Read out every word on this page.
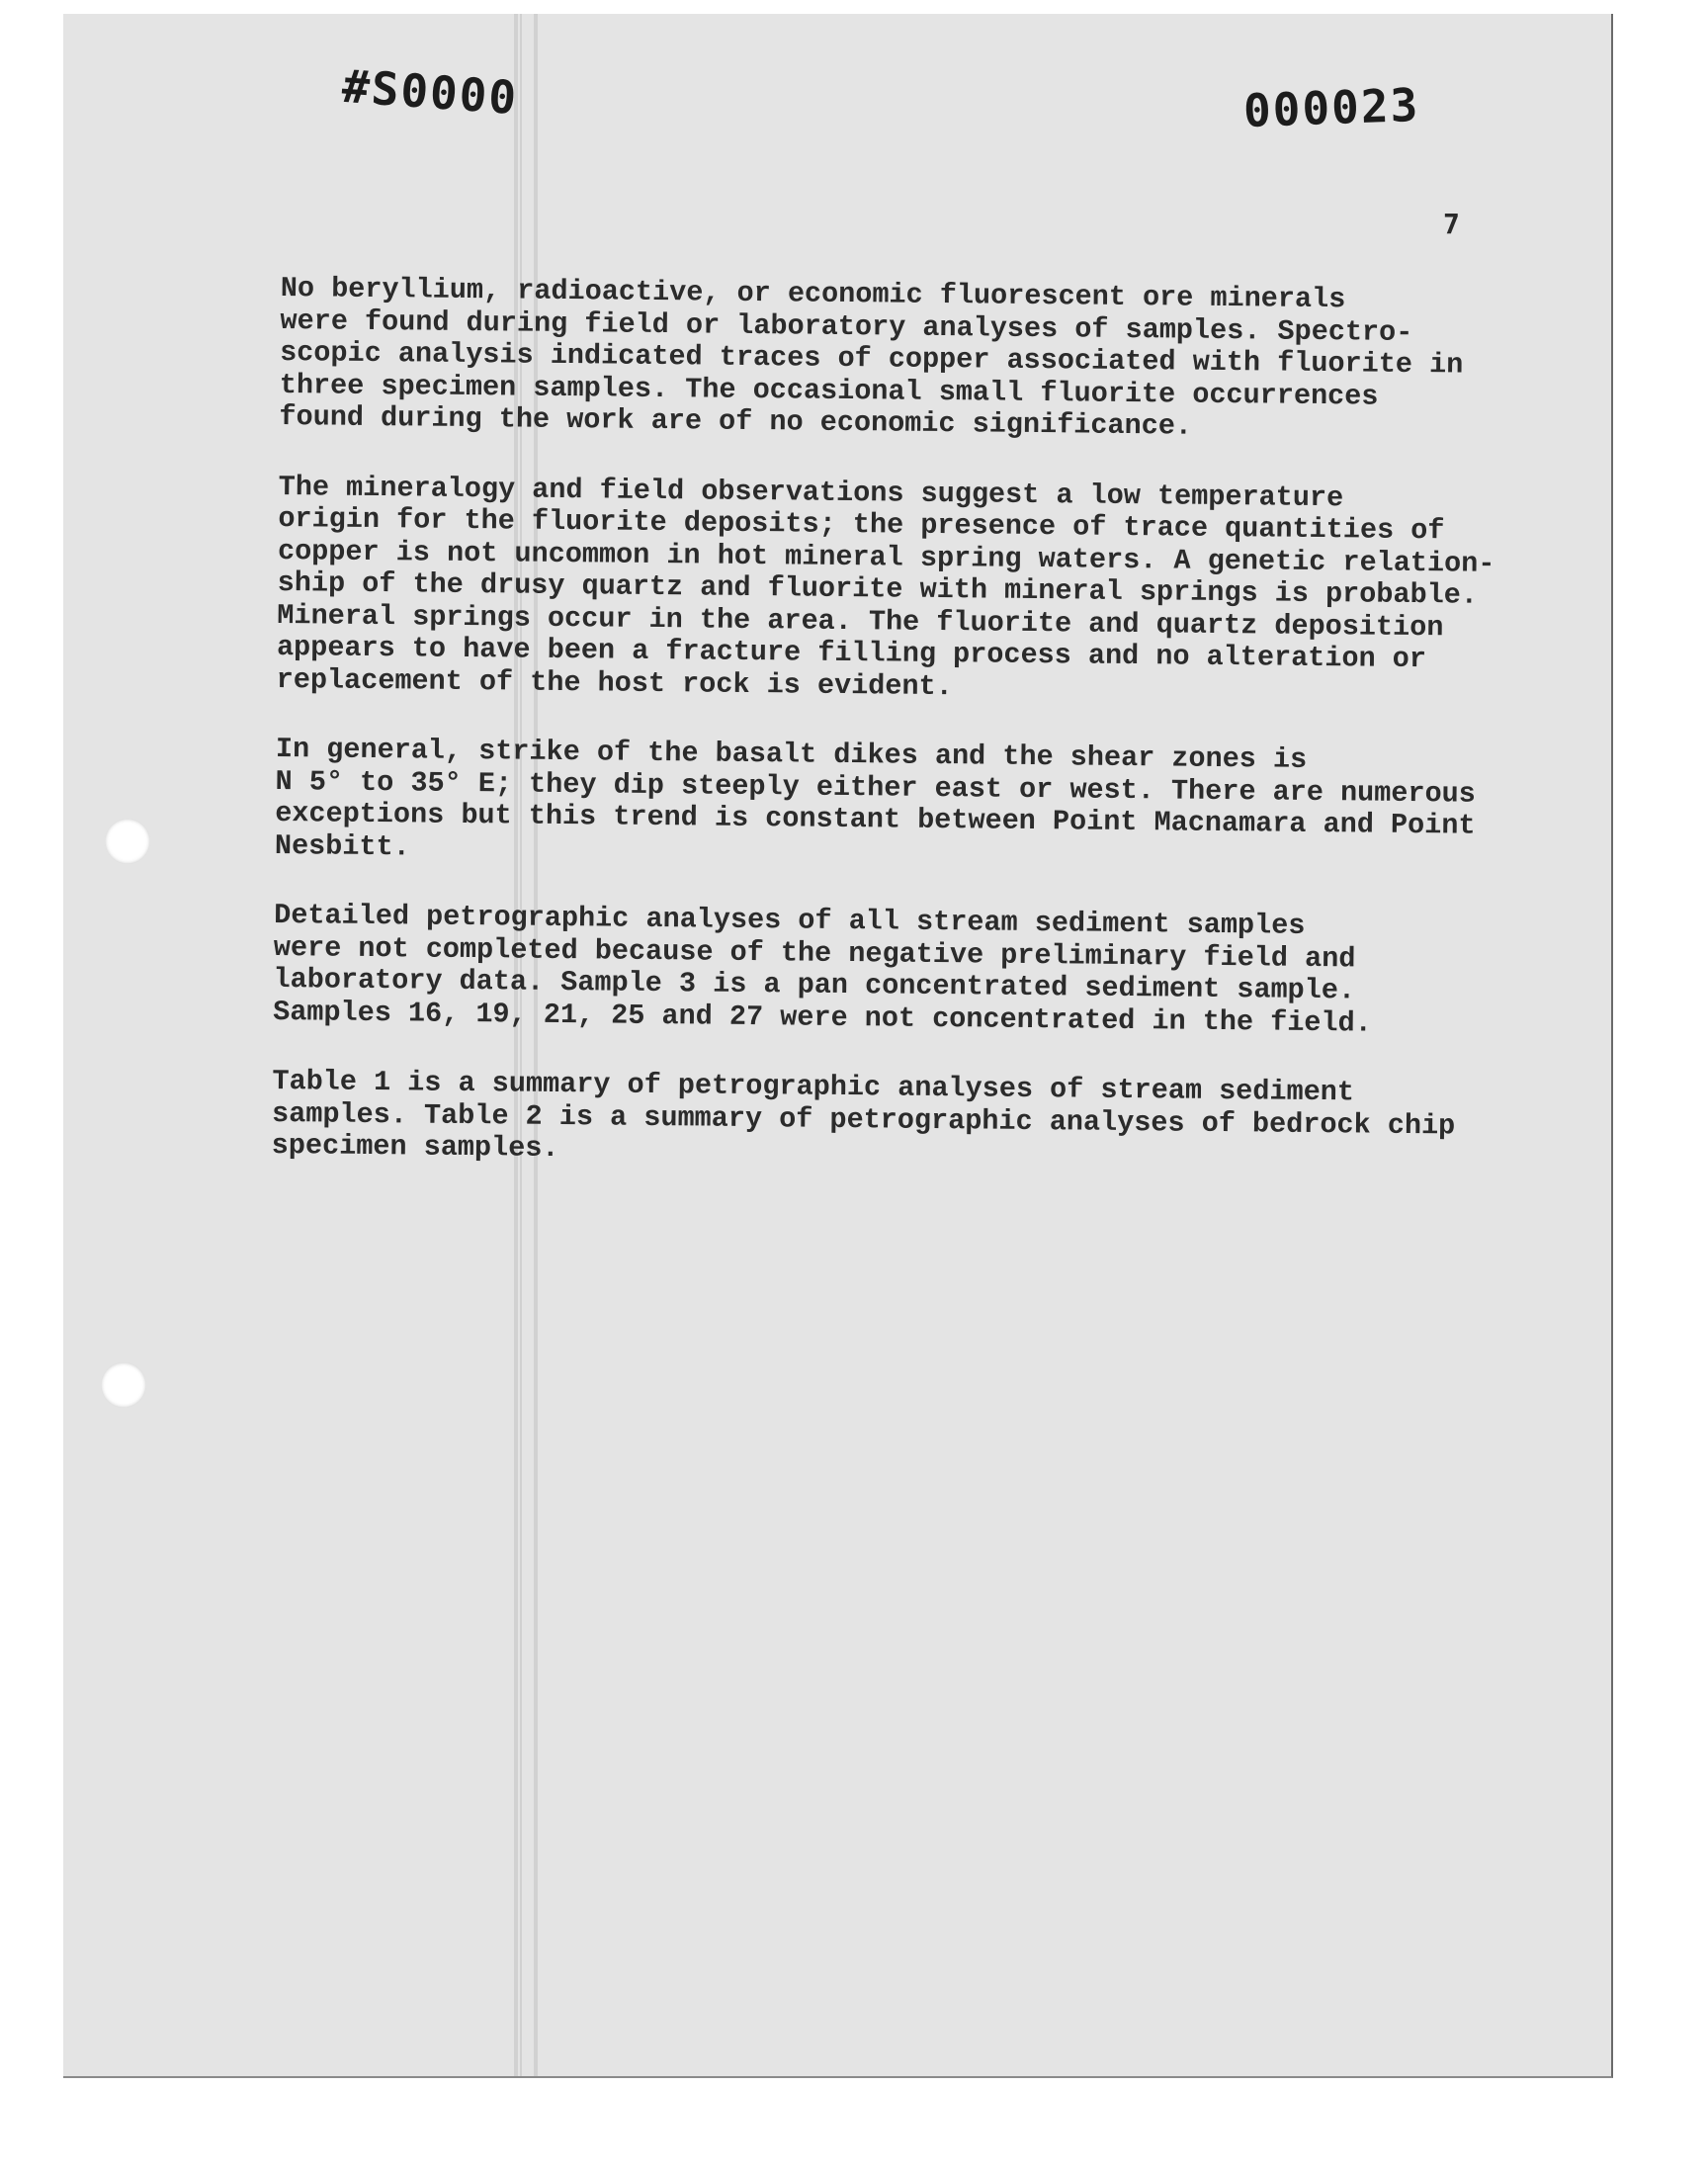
#S0000	000023
7

No beryllium, radioactive, or economic fluorescent ore minerals
were found during field or laboratory analyses of samples. Spectro-
scopic analysis indicated traces of copper associated with fluorite in
three specimen samples. The occasional small fluorite occurrences
found during the work are of no economic significance.

The mineralogy and field observations suggest a low temperature
origin for the fluorite deposits; the presence of trace quantities of
copper is not uncommon in hot mineral spring waters. A genetic relation-
ship of the drusy quartz and fluorite with mineral springs is probable.
Mineral springs occur in the area. The fluorite and quartz deposition
appears to have been a fracture filling process and no alteration or
replacement of the host rock is evident.

In general, strike of the basalt dikes and the shear zones is
N 5° to 35° E; they dip steeply either east or west. There are numerous
exceptions but this trend is constant between Point Macnamara and Point
Nesbitt.

Detailed petrographic analyses of all stream sediment samples
were not completed because of the negative preliminary field and
laboratory data. Sample 3 is a pan concentrated sediment sample.
Samples 16, 19, 21, 25 and 27 were not concentrated in the field.

Table 1 is a summary of petrographic analyses of stream sediment
samples. Table 2 is a summary of petrographic analyses of bedrock chip
specimen samples.
